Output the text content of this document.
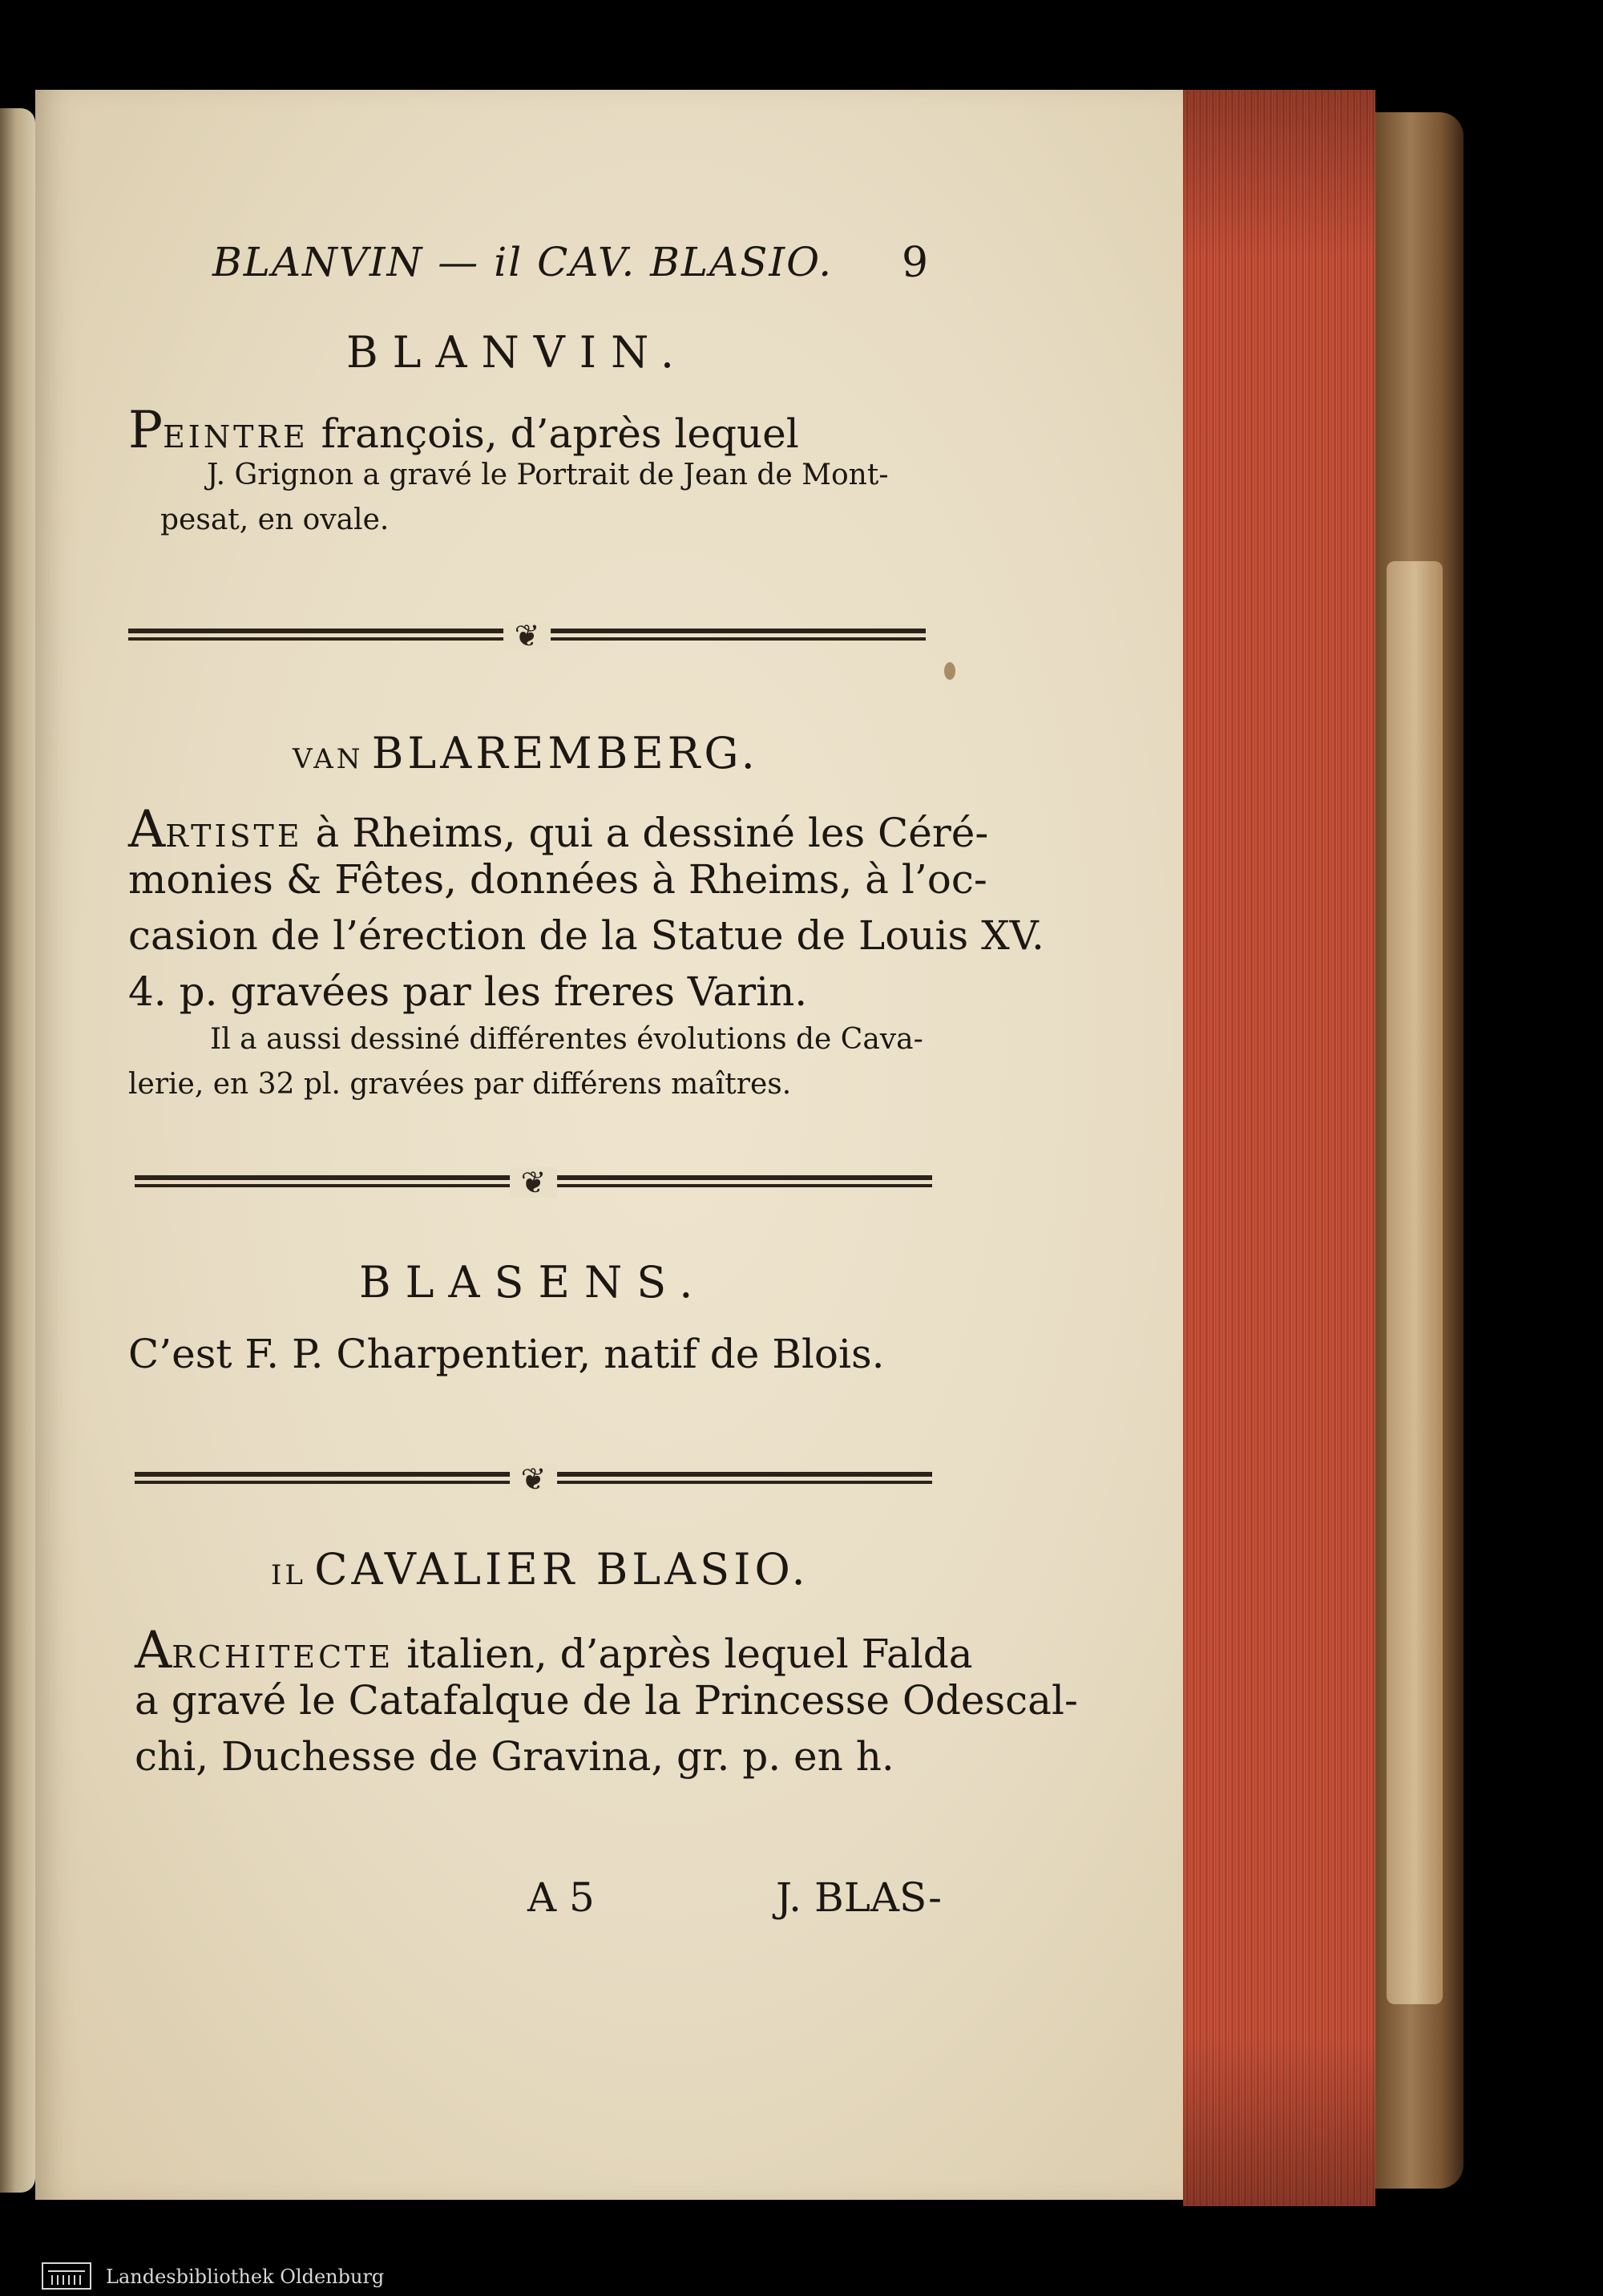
BLANVIN — il CAV. BLASIO. 9
BLANVIN.
PEINTRE françois, d’après lequel
J. Grignon a gravé le Portrait de Jean de Mont-
pesat, en ovale.
❦
VAN BLAREMBERG.
ARTISTE à Rheims, qui a dessiné les Céré-
monies & Fêtes, données à Rheims, à l’oc-
casion de l’érection de la Statue de Louis XV.
4. p. gravées par les freres Varin.
Il a aussi dessiné différentes évolutions de Cava-
lerie, en 32 pl. gravées par différens maîtres.
❦
BLASENS.
C’est F. P. Charpentier, natif de Blois.
❦
IL CAVALIER BLASIO.
ARCHITECTE italien, d’après lequel Falda
a gravé le Catafalque de la Princesse Odescal-
chi, Duchesse de Gravina, gr. p. en h.
A 5	J. BLAS-
Landesbibliothek Oldenburg
